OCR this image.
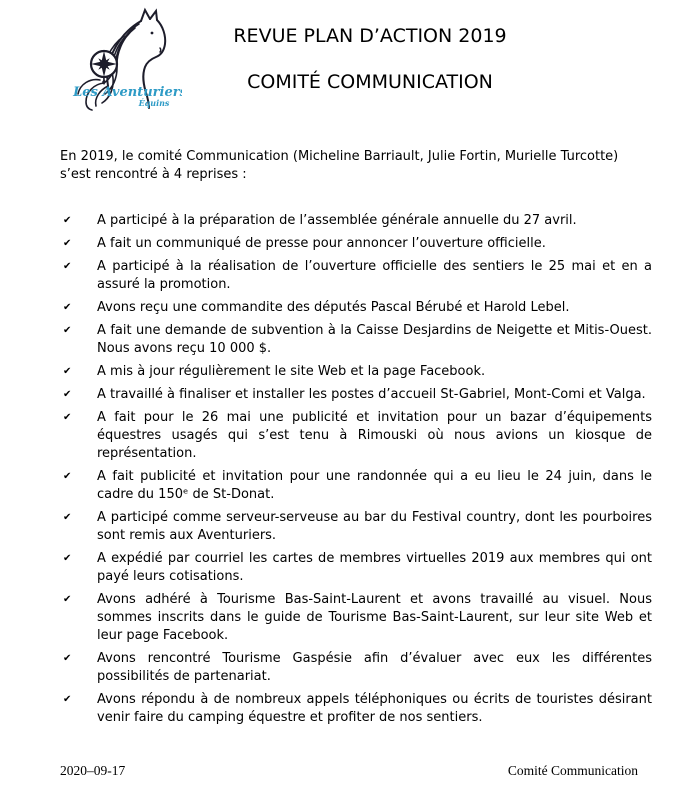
Les Aventuriers
Équins
REVUE PLAN D’ACTION 2019
COMITÉ COMMUNICATION

En 2019, le comité Communication (Micheline Barriault, Julie Fortin, Murielle Turcotte) s’est rencontré à 4 reprises :

✔	A participé à la préparation de l’assemblée générale annuelle du 27 avril.
✔	A fait un communiqué de presse pour annoncer l’ouverture officielle.
✔	A participé à la réalisation de l’ouverture officielle des sentiers le 25 mai et en a assuré la promotion.
✔	Avons reçu une commandite des députés Pascal Bérubé et Harold Lebel.
✔	A fait une demande de subvention à la Caisse Desjardins de Neigette et Mitis-Ouest.  Nous avons reçu 10 000 $.
✔	A mis à jour régulièrement le site Web et la page Facebook.
✔	A travaillé à finaliser et installer les postes d’accueil St-Gabriel, Mont-Comi et Valga.
✔	A fait pour le 26 mai une publicité et invitation pour un bazar d’équipements équestres usagés qui s’est tenu à Rimouski où nous avions un kiosque de représentation.
✔	A fait publicité et invitation pour une randonnée qui a eu lieu le 24 juin, dans le cadre du 150ᵉ de St-Donat.
✔	A participé comme serveur-serveuse au bar du Festival country, dont les pourboires sont remis aux Aventuriers.
✔	A expédié par courriel les cartes de membres virtuelles 2019 aux membres qui ont payé leurs cotisations.
✔	Avons adhéré à Tourisme Bas-Saint-Laurent et avons travaillé au visuel. Nous sommes inscrits dans le guide de Tourisme Bas-Saint-Laurent, sur leur site Web et leur page Facebook.
✔	Avons rencontré Tourisme Gaspésie afin d’évaluer avec eux les différentes possibilités de partenariat.
✔	Avons répondu à de nombreux appels téléphoniques ou écrits de touristes désirant venir faire du camping équestre et profiter de nos sentiers.
2020–09-17	Comité Communication
